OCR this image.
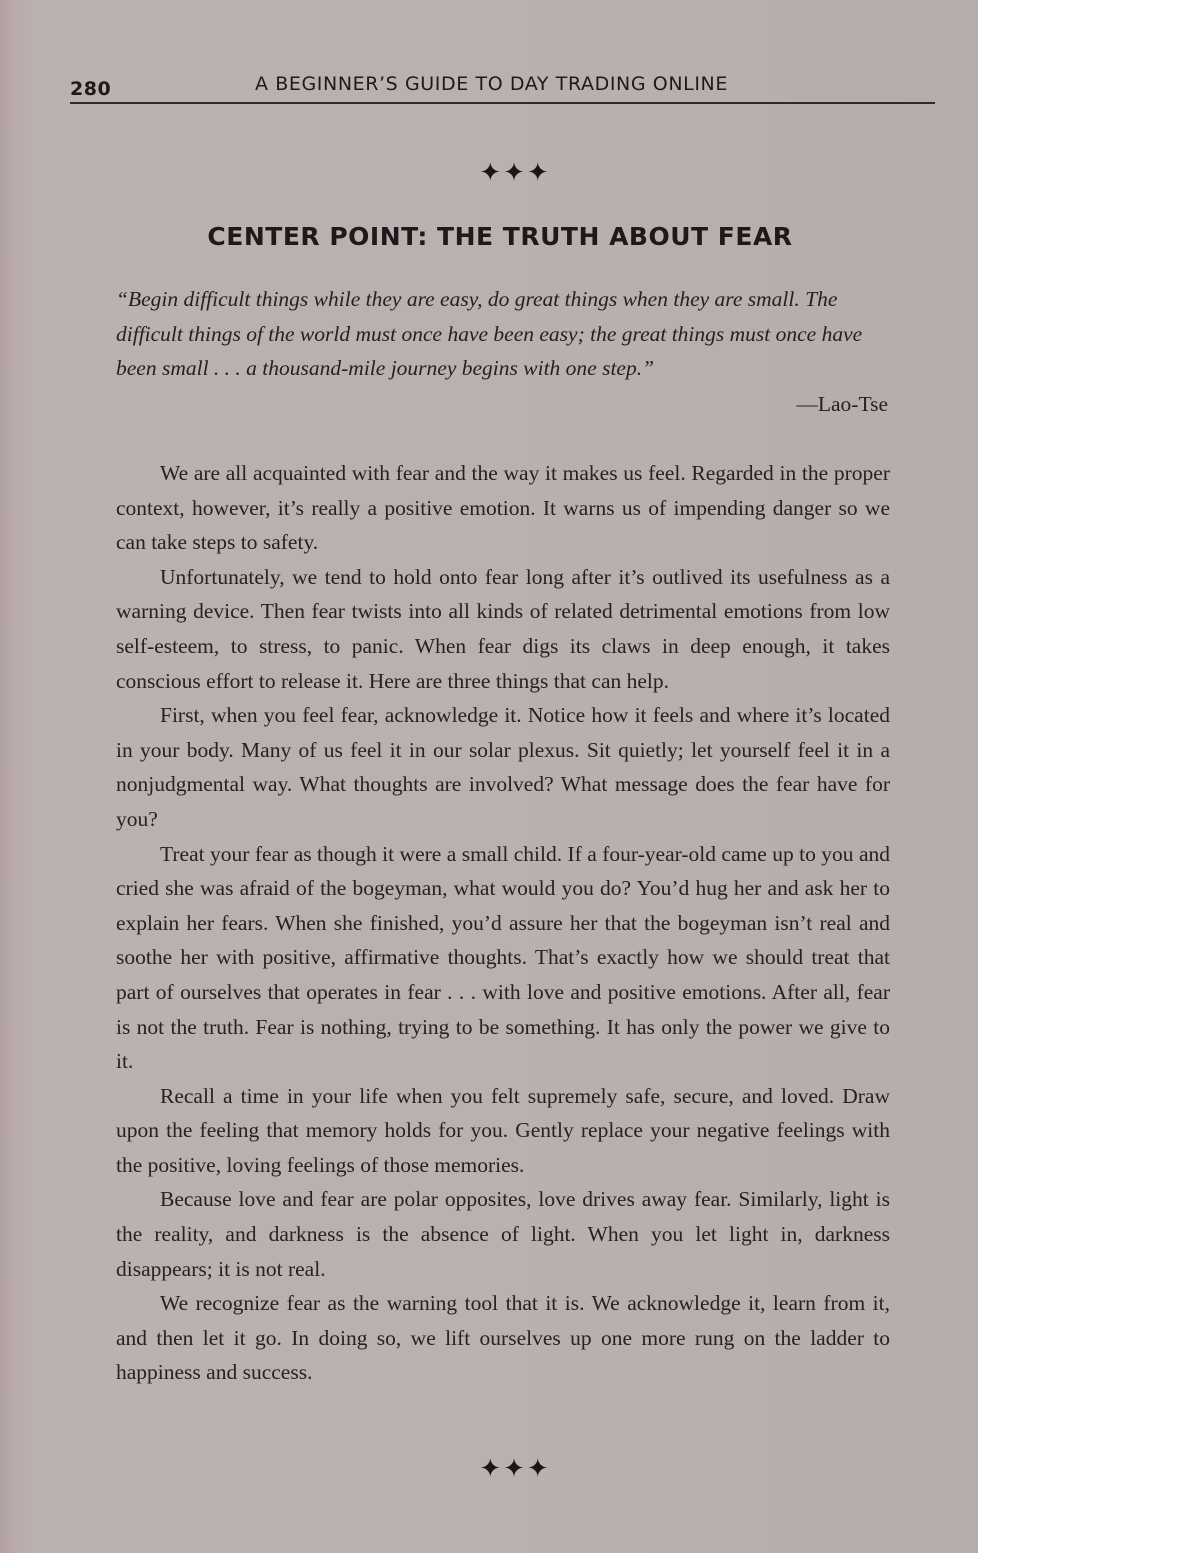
280	A BEGINNER’S GUIDE TO DAY TRADING ONLINE
✦✦✦
CENTER POINT: THE TRUTH ABOUT FEAR
“Begin difficult things while they are easy, do great things when they are small. The difficult things of the world must once have been easy; the great things must once have been small . . . a thousand-mile journey begins with one step.”
—Lao-Tse

We are all acquainted with fear and the way it makes us feel. Regarded in the proper context, however, it’s really a positive emotion. It warns us of impending danger so we can take steps to safety.

Unfortunately, we tend to hold onto fear long after it’s outlived its usefulness as a warning device. Then fear twists into all kinds of related detrimental emotions from low self-esteem, to stress, to panic. When fear digs its claws in deep enough, it takes conscious effort to release it. Here are three things that can help.

First, when you feel fear, acknowledge it. Notice how it feels and where it’s located in your body. Many of us feel it in our solar plexus. Sit quietly; let yourself feel it in a nonjudgmental way. What thoughts are involved? What message does the fear have for you?

Treat your fear as though it were a small child. If a four-year-old came up to you and cried she was afraid of the bogeyman, what would you do? You’d hug her and ask her to explain her fears. When she finished, you’d assure her that the bogeyman isn’t real and soothe her with positive, affirmative thoughts. That’s exactly how we should treat that part of ourselves that operates in fear . . . with love and positive emotions. After all, fear is not the truth. Fear is nothing, trying to be something. It has only the power we give to it.

Recall a time in your life when you felt supremely safe, secure, and loved. Draw upon the feeling that memory holds for you. Gently replace your negative feelings with the positive, loving feelings of those memories.

Because love and fear are polar opposites, love drives away fear. Similarly, light is the reality, and darkness is the absence of light. When you let light in, darkness disappears; it is not real.

We recognize fear as the warning tool that it is. We acknowledge it, learn from it, and then let it go. In doing so, we lift ourselves up one more rung on the ladder to happiness and success.

✦✦✦
